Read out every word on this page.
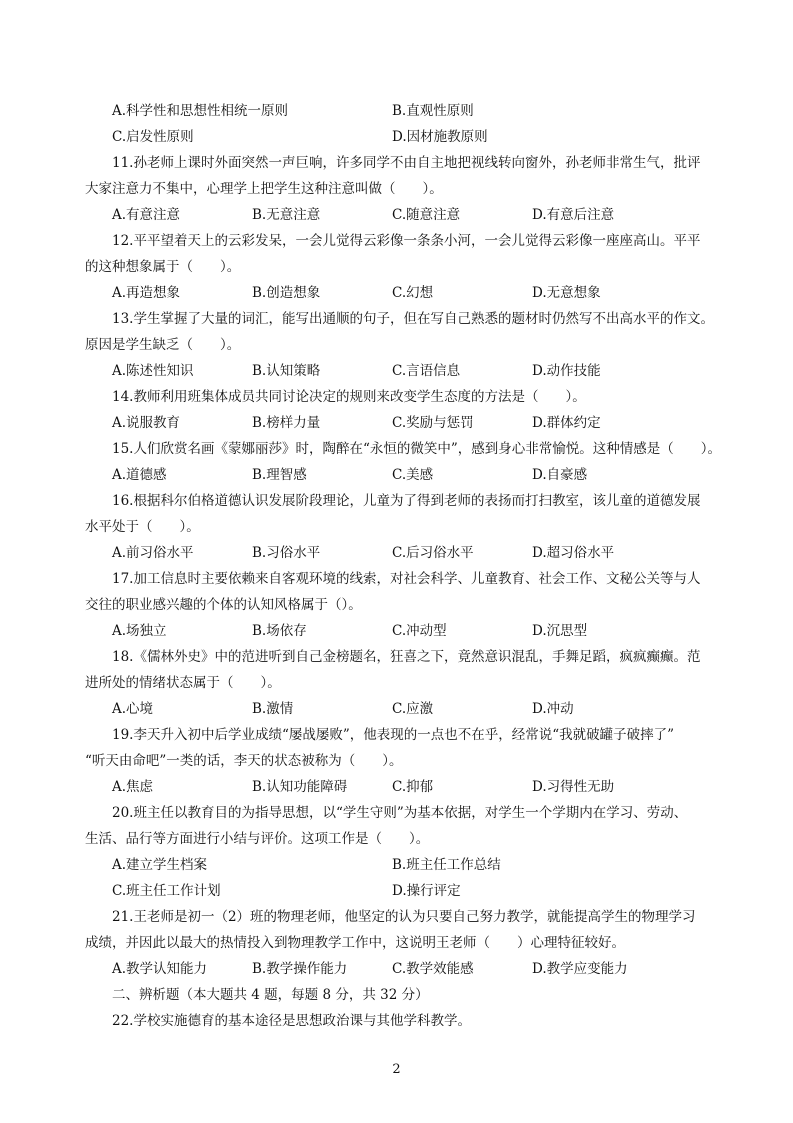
A.科学性和思想性相统一原则	B.直观性原则
C.启发性原则	D.因材施教原则
11.孙老师上课时外面突然一声巨响，许多同学不由自主地把视线转向窗外，孙老师非常生气，批评
大家注意力不集中，心理学上把学生这种注意叫做（　　）。
A.有意注意	B.无意注意	C.随意注意	D.有意后注意
12.平平望着天上的云彩发呆，一会儿觉得云彩像一条条小河，一会儿觉得云彩像一座座高山。平平
的这种想象属于（　　）。
A.再造想象	B.创造想象	C.幻想	D.无意想象
13.学生掌握了大量的词汇，能写出通顺的句子，但在写自己熟悉的题材时仍然写不出高水平的作文。
原因是学生缺乏（　　）。
A.陈述性知识	B.认知策略	C.言语信息	D.动作技能
14.教师利用班集体成员共同讨论决定的规则来改变学生态度的方法是（　　）。
A.说服教育	B.榜样力量	C.奖励与惩罚	D.群体约定
15.人们欣赏名画《蒙娜丽莎》时，陶醉在“永恒的微笑中”，感到身心非常愉悦。这种情感是（　　）。
A.道德感	B.理智感	C.美感	D.自豪感
16.根据科尔伯格道德认识发展阶段理论，儿童为了得到老师的表扬而打扫教室，该儿童的道德发展
水平处于（　　）。
A.前习俗水平	B.习俗水平	C.后习俗水平	D.超习俗水平
17.加工信息时主要依赖来自客观环境的线索，对社会科学、儿童教育、社会工作、文秘公关等与人
交往的职业感兴趣的个体的认知风格属于（）。
A.场独立	B.场依存	C.冲动型	D.沉思型
18.《儒林外史》中的范进听到自己金榜题名，狂喜之下，竟然意识混乱，手舞足蹈，疯疯癫癫。范
进所处的情绪状态属于（　　）。
A.心境	B.激情	C.应激	D.冲动
19.李天升入初中后学业成绩“屡战屡败”，他表现的一点也不在乎，经常说“我就破罐子破摔了”
“听天由命吧”一类的话，李天的状态被称为（　　）。
A.焦虑	B.认知功能障碍	C.抑郁	D.习得性无助
20.班主任以教育目的为指导思想，以“学生守则”为基本依据，对学生一个学期内在学习、劳动、
生活、品行等方面进行小结与评价。这项工作是（　　）。
A.建立学生档案	B.班主任工作总结
C.班主任工作计划	D.操行评定
21.王老师是初一（2）班的物理老师，他坚定的认为只要自己努力教学，就能提高学生的物理学习
成绩，并因此以最大的热情投入到物理教学工作中，这说明王老师（　　）心理特征较好。
A.教学认知能力	B.教学操作能力	C.教学效能感	D.教学应变能力
二、辨析题（本大题共 4 题，每题 8 分，共 32 分）
22.学校实施德育的基本途径是思想政治课与其他学科教学。
2
